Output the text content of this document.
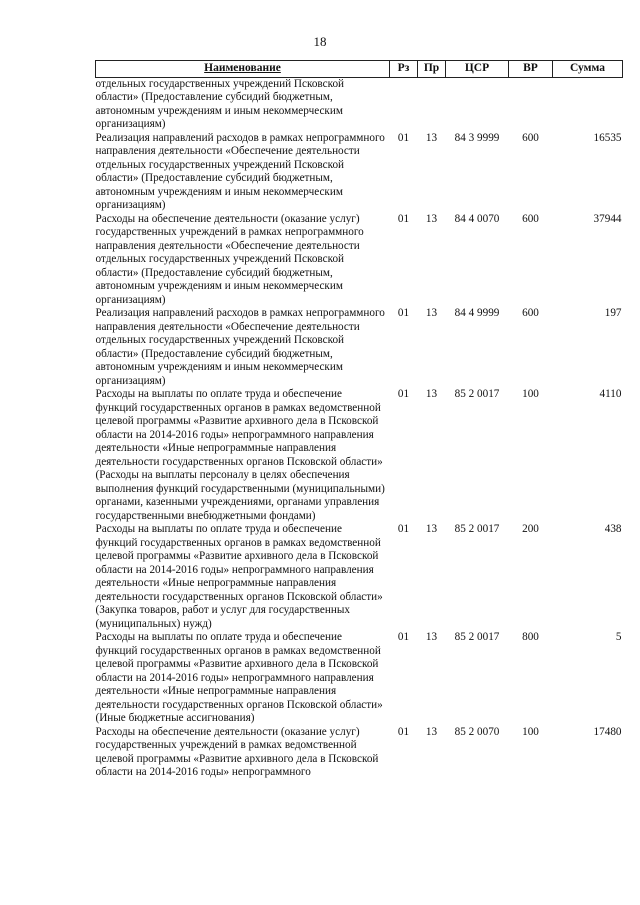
18
Наименование	Рз	Пр	ЦСР	ВР	Сумма
отдельных государственных учреждений Псковской области» (Предоставление субсидий бюджетным, автономным учреждениям и иным некоммерческим организациям)					
Реализация направлений расходов в рамках непрограммного направления деятельности «Обеспечение деятельности отдельных государственных учреждений Псковской области» (Предоставление субсидий бюджетным, автономным учреждениям и иным некоммерческим организациям)	01	13	84 3 9999	600	16535
Расходы на обеспечение деятельности (оказание услуг) государственных учреждений в рамках непрограммного направления деятельности «Обеспечение деятельности отдельных государственных учреждений Псковской области» (Предоставление субсидий бюджетным, автономным учреждениям и иным некоммерческим организациям)	01	13	84 4 0070	600	37944
Реализация направлений расходов в рамках непрограммного направления деятельности «Обеспечение деятельности отдельных государственных учреждений Псковской области» (Предоставление субсидий бюджетным, автономным учреждениям и иным некоммерческим организациям)	01	13	84 4 9999	600	197
Расходы на выплаты по оплате труда и обеспечение функций государственных органов в рамках ведомственной целевой программы «Развитие архивного дела в Псковской области на 2014-2016 годы» непрограммного направления деятельности «Иные непрограммные направления деятельности государственных органов Псковской области» (Расходы на выплаты персоналу в целях обеспечения выполнения функций государственными (муниципальными) органами, казенными учреждениями, органами управления государственными внебюджетными фондами)	01	13	85 2 0017	100	4110
Расходы на выплаты по оплате труда и обеспечение функций государственных органов в рамках ведомственной целевой программы «Развитие архивного дела в Псковской области на 2014-2016 годы» непрограммного направления деятельности «Иные непрограммные направления деятельности государственных органов Псковской области» (Закупка товаров, работ и услуг для государственных (муниципальных) нужд)	01	13	85 2 0017	200	438
Расходы на выплаты по оплате труда и обеспечение функций государственных органов в рамках ведомственной целевой программы «Развитие архивного дела в Псковской области на 2014-2016 годы» непрограммного направления деятельности «Иные непрограммные направления деятельности государственных органов Псковской области» (Иные бюджетные ассигнования)	01	13	85 2 0017	800	5
Расходы на обеспечение деятельности (оказание услуг) государственных учреждений в рамках ведомственной целевой программы «Развитие архивного дела в Псковской области на 2014-2016 годы» непрограммного	01	13	85 2 0070	100	17480
